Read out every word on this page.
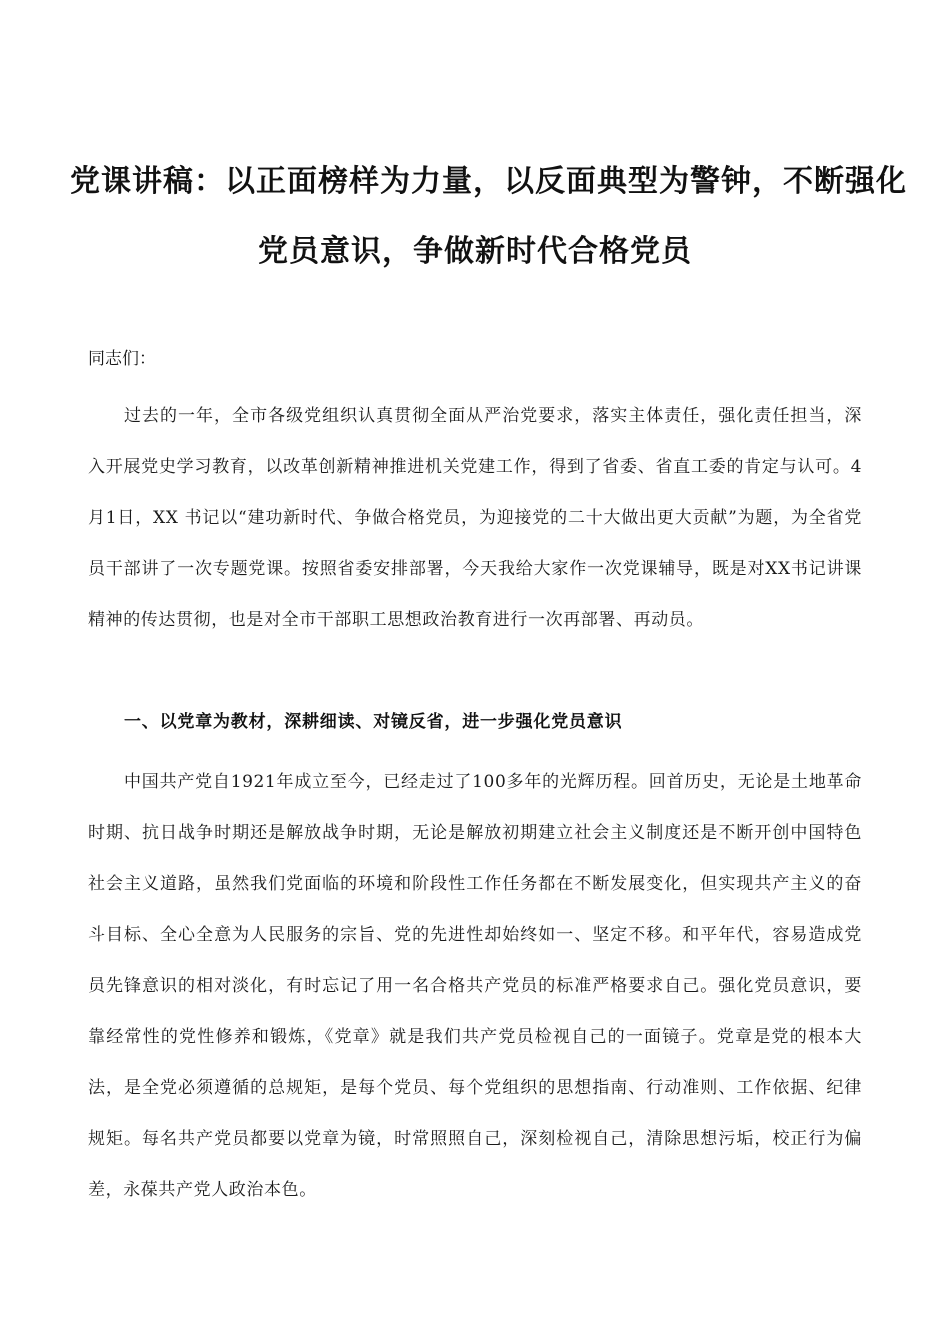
党课讲稿：以正面榜样为力量，以反面典型为警钟，不断强化
党员意识，争做新时代合格党员
同志们：
过去的一年，全市各级党组织认真贯彻全面从严治党要求，落实主体责任，强化责任担当，深入开展党史学习教育，以改革创新精神推进机关党建工作，得到了省委、省直工委的肯定与认可。4月1日，XX 书记以“建功新时代、争做合格党员，为迎接党的二十大做出更大贡献”为题，为全省党员干部讲了一次专题党课。按照省委安排部署，今天我给大家作一次党课辅导，既是对XX书记讲课精神的传达贯彻，也是对全市干部职工思想政治教育进行一次再部署、再动员。
一、以党章为教材，深耕细读、对镜反省，进一步强化党员意识
中国共产党自1921年成立至今，已经走过了100多年的光辉历程。回首历史，无论是土地革命时期、抗日战争时期还是解放战争时期，无论是解放初期建立社会主义制度还是不断开创中国特色社会主义道路，虽然我们党面临的环境和阶段性工作任务都在不断发展变化，但实现共产主义的奋斗目标、全心全意为人民服务的宗旨、党的先进性却始终如一、坚定不移。和平年代，容易造成党员先锋意识的相对淡化，有时忘记了用一名合格共产党员的标准严格要求自己。强化党员意识，要靠经常性的党性修养和锻炼，《党章》就是我们共产党员检视自己的一面镜子。党章是党的根本大法，是全党必须遵循的总规矩，是每个党员、每个党组织的思想指南、行动准则、工作依据、纪律规矩。每名共产党员都要以党章为镜，时常照照自己，深刻检视自己，清除思想污垢，校正行为偏差，永葆共产党人政治本色。
